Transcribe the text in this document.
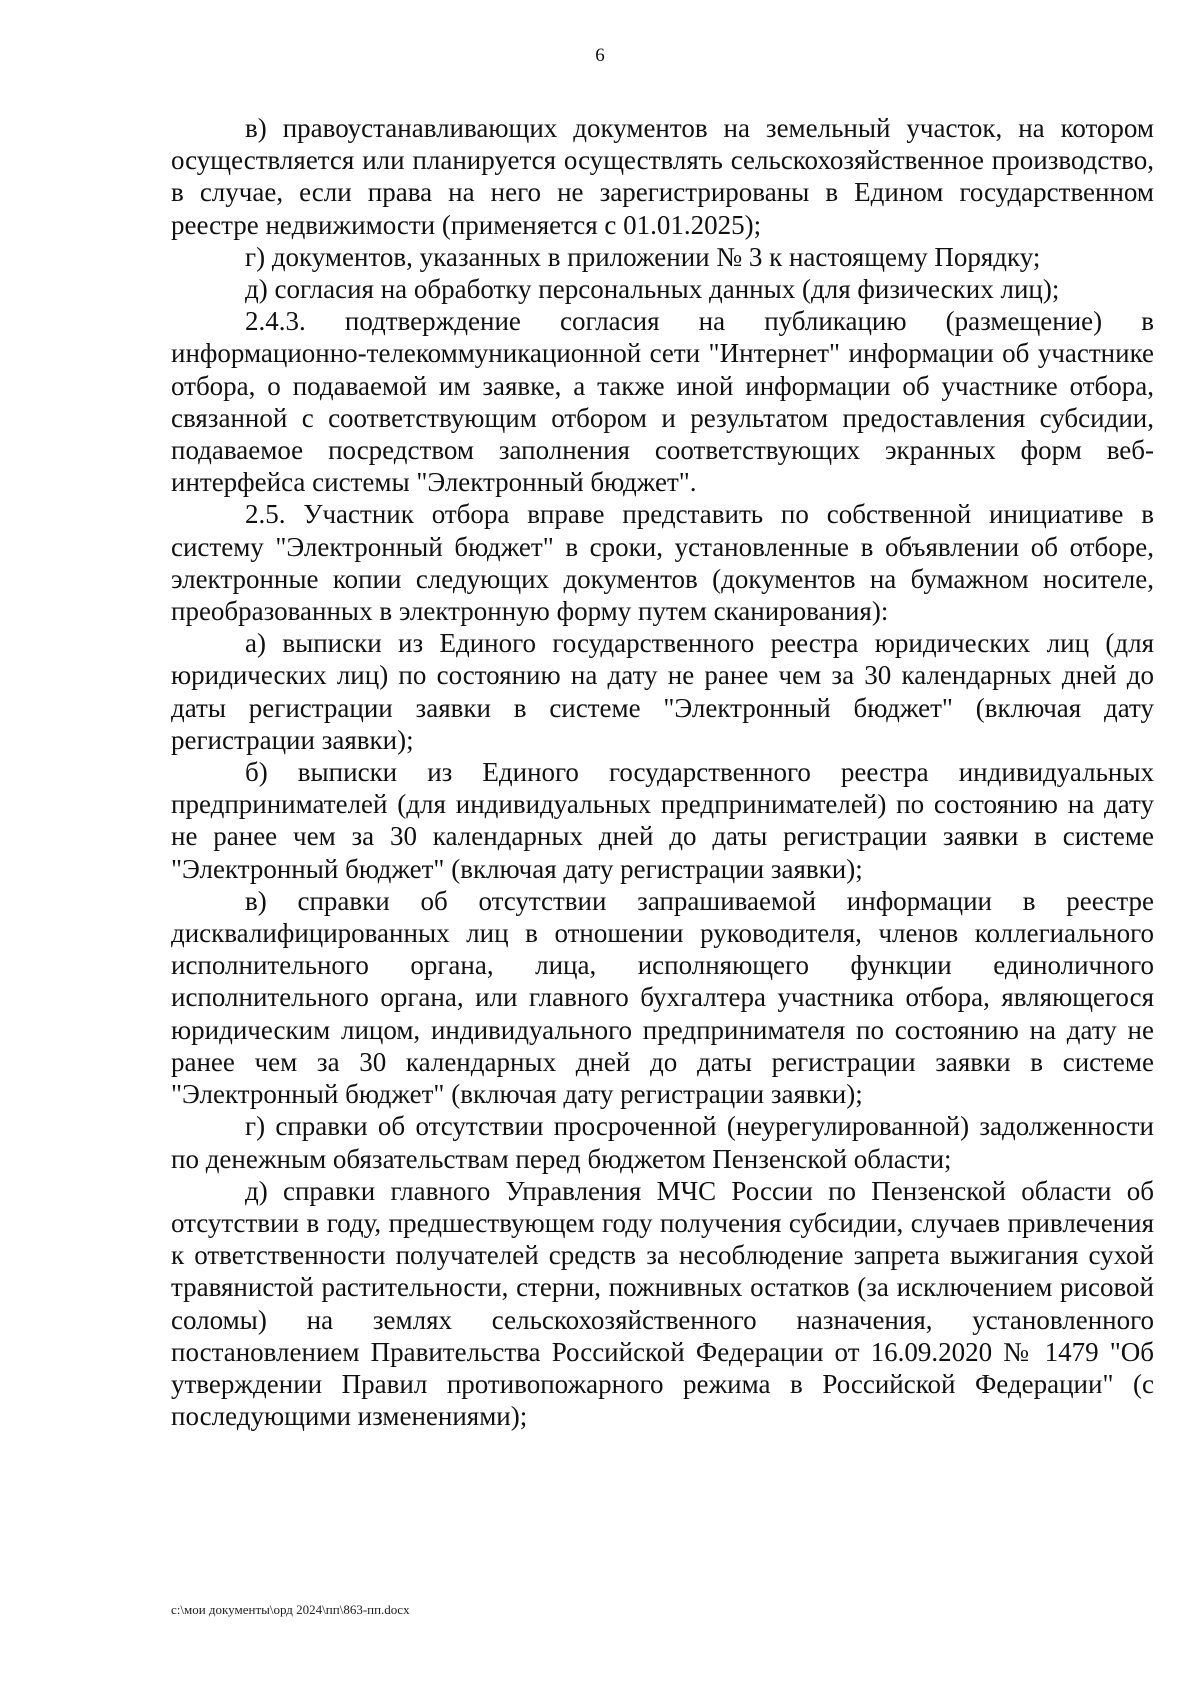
6

в) правоустанавливающих документов на земельный участок, на котором осуществляется или планируется осуществлять сельскохозяйственное производство, в случае, если права на него не зарегистрированы в Едином государственном реестре недвижимости (применяется с 01.01.2025);

г) документов, указанных в приложении № 3 к настоящему Порядку;

д) согласия на обработку персональных данных (для физических лиц);

2.4.3. подтверждение согласия на публикацию (размещение) в информационно-телекоммуникационной сети "Интернет" информации об участнике отбора, о подаваемой им заявке, а также иной информации об участнике отбора, связанной с соответствующим отбором и результатом предоставления субсидии, подаваемое посредством заполнения соответствующих экранных форм веб-интерфейса системы "Электронный бюджет".

2.5. Участник отбора вправе представить по собственной инициативе в систему "Электронный бюджет" в сроки, установленные в объявлении об отборе, электронные копии следующих документов (документов на бумажном носителе, преобразованных в электронную форму путем сканирования):

а) выписки из Единого государственного реестра юридических лиц (для юридических лиц) по состоянию на дату не ранее чем за 30 календарных дней до даты регистрации заявки в системе "Электронный бюджет" (включая дату регистрации заявки);

б) выписки из Единого государственного реестра индивидуальных предпринимателей (для индивидуальных предпринимателей) по состоянию на дату не ранее чем за 30 календарных дней до даты регистрации заявки в системе "Электронный бюджет" (включая дату регистрации заявки);

в) справки об отсутствии запрашиваемой информации в реестре дисквалифицированных лиц в отношении руководителя, членов коллегиального исполнительного органа, лица, исполняющего функции единоличного исполнительного органа, или главного бухгалтера участника отбора, являющегося юридическим лицом, индивидуального предпринимателя по состоянию на дату не ранее чем за 30 календарных дней до даты регистрации заявки в системе "Электронный бюджет" (включая дату регистрации заявки);

г) справки об отсутствии просроченной (неурегулированной) задолженности по денежным обязательствам перед бюджетом Пензенской области;

д) справки главного Управления МЧС России по Пензенской области об отсутствии в году, предшествующем году получения субсидии, случаев привлечения к ответственности получателей средств за несоблюдение запрета выжигания сухой травянистой растительности, стерни, пожнивных остатков (за исключением рисовой соломы) на землях сельскохозяйственного назначения, установленного постановлением Правительства Российской Федерации от 16.09.2020 № 1479 "Об утверждении Правил противопожарного режима в Российской Федерации" (с последующими изменениями);

c:\мои документы\орд 2024\пп\863-пп.docx
